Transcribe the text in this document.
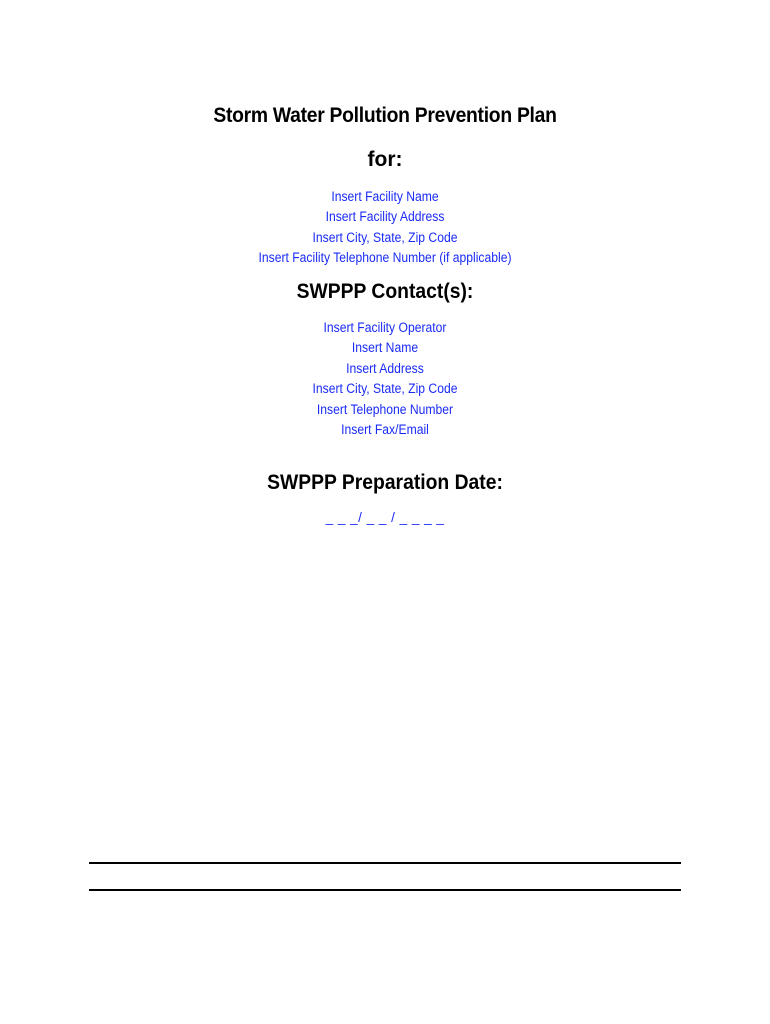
Storm Water Pollution Prevention Plan
for:
Insert Facility Name
Insert Facility Address
Insert City, State, Zip Code
Insert Facility Telephone Number (if applicable)
SWPPP Contact(s):
Insert Facility Operator
Insert Name
Insert Address
Insert City, State, Zip Code
Insert Telephone Number
Insert Fax/Email
SWPPP Preparation Date:
_ _ _/ _ _ / _ _ _ _
